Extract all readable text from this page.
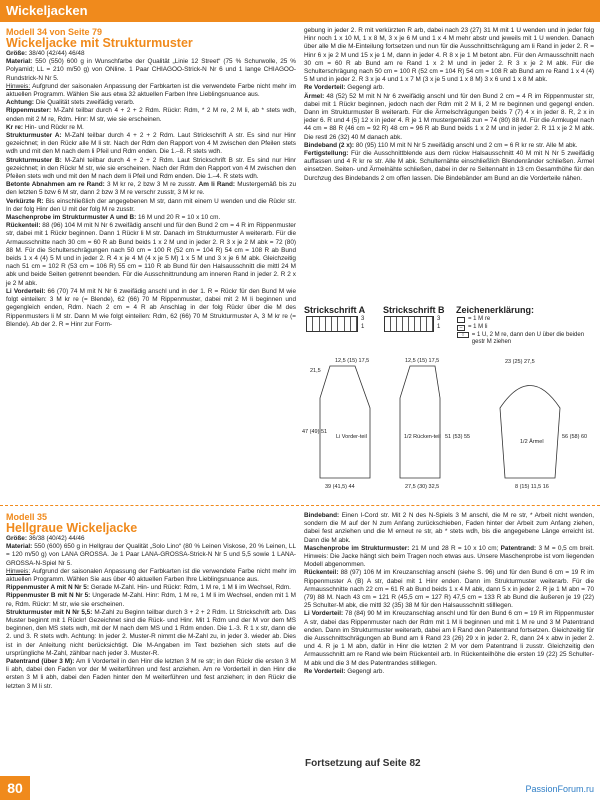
Wickeljacken
Modell 34 von Seite 79
Wickeljacke mit Strukturmuster

Größe: 38/40 (42/44) 46/48

Material: 550 (550) 600 g in Wunschfarbe der Qualität „Linie 12 Street“ (75 % Schurwolle, 25 % Polyamid; LL = 210 m/50 g) von ONline. 1 Paar CHIAGOO-Strick-N Nr 6 und 1 lange CHIAGOO-Rundstrick-N Nr 5.

Hinweis: Aufgrund der saisonalen Anpassung der Farbkarten ist die verwendete Farbe nicht mehr im aktuellen Programm. Wählen Sie aus etwa 32 aktuellen Farben Ihre Lieblingsnuance aus.

Achtung: Die Qualität stets zweifädig verarb.

Rippenmuster: M-Zahl teilbar durch 4 + 2 + 2 Rdm. Rückr: Rdm, * 2 M re, 2 M li, ab * stets wdh, enden mit 2 M re, Rdm. Hinr: M str, wie sie erscheinen.

Kr re: Hin- und Rückr re M.

Strukturmuster A: M-Zahl teilbar durch 4 + 2 + 2 Rdm. Laut Strickschrift A str. Es sind nur Hinr gezeichnet; in den Rückr alle M li str. Nach der Rdm den Rapport von 4 M zwischen den Pfeilen stets wdh und mit den M nach dem li Pfeil und Rdm enden. Die 1.–8. R stets wdh.

Strukturmuster B: M-Zahl teilbar durch 4 + 2 + 2 Rdm. Laut Strickschrift B str. Es sind nur Hinr gezeichnet; in den Rückr M str, wie sie erscheinen. Nach der Rdm den Rapport von 4 M zwischen den Pfeilen stets wdh und mit den M nach dem li Pfeil und Rdm enden. Die 1.–4. R stets wdh.

Betonte Abnahmen am re Rand: 3 M kr re, 2 bzw 3 M re zusstr. Am li Rand: Mustergemäß bis zu den letzten 5 bzw 6 M str, dann 2 bzw 3 M re verschr zusstr, 3 M kr re.

Verkürzte R: Bis einschließlich der angegebenen M str, dann mit einem U wenden und die Rückr str. In der folg Hinr den U mit der folg M re zusstr.

Maschenprobe im Strukturmuster A und B: 16 M und 20 R = 10 x 10 cm.

Rückenteil: 88 (96) 104 M mit N Nr 6 zweifädig anschl und für den Bund 2 cm = 4 R im Rippenmuster str, dabei mit 1 Rückr beginnen. Dann 1 Rückr li M str. Danach im Strukturmuster A weiterarb. Für die Armausschnitte nach 30 cm = 60 R ab Bund beids 1 x 2 M und in jeder 2. R 3 x je 2 M abk = 72 (80) 88 M. Für die Schulterschrägungen nach 50 cm = 100 R (52 cm = 104 R) 54 cm = 108 R ab Bund beids 1 x 4 (4) 5 M und in jeder 2. R 4 x je 4 M (4 x je 5 M) 1 x 5 M und 3 x je 6 M abk. Gleichzeitig nach 51 cm = 102 R (53 cm = 106 R) 55 cm = 110 R ab Bund für den Halsausschnitt die mittl 24 M abk und beide Seiten getrennt beenden. Für die Ausschnittrundung am inneren Rand in jeder 2. R 2 x je 2 M abk.

Li Vorderteil: 66 (70) 74 M mit N Nr 6 zweifädig anschl und in der 1. R = Rückr für den Bund M wie folgt einteilen: 3 M kr re (= Blende), 62 (66) 70 M Rippenmuster, dabei mit 2 M li beginnen und gegengleich enden, Rdm. Nach 2 cm = 4 R ab Anschlag in der folg Rückr über die M des Rippenmusters li M str. Dann M wie folgt einteilen: Rdm, 62 (66) 70 M Strukturmuster A, 3 M kr re (= Blende). Ab der 2. R = Hinr zur Form-

gebung in jeder 2. R mit verkürzten R arb, dabei nach 23 (27) 31 M mit 1 U wenden und in jeder folg Hinr noch 1 x 10 M, 1 x 8 M, 3 x je 6 M und 1 x 4 M mehr abstr und jeweils mit 1 U wenden. Danach über alle M die M-Einteilung fortsetzen und nun für die Ausschnittschrägung am li Rand in jeder 2. R = Hinr 6 x je 2 M und 15 x je 1 M, dann in jeder 4. R 8 x je 1 M betont abn. Für den Armausschnitt nach 30 cm = 60 R ab Bund am re Rand 1 x 2 M und in jeder 2. R 3 x je 2 M abk. Für die Schulterschrägung nach 50 cm = 100 R (52 cm = 104 R) 54 cm = 108 R ab Bund am re Rand 1 x 4 (4) 5 M und in jeder 2. R 3 x je 4 und 1 x 7 M (3 x je 5 und 1 x 8 M) 3 x 6 und 1 x 8 M abk.

Re Vorderteil: Gegengl arb.

Ärmel: 48 (52) 52 M mit N Nr 6 zweifädig anschl und für den Bund 2 cm = 4 R im Rippenmuster str, dabei mit 1 Rückr beginnen, jedoch nach der Rdm mit 2 M li, 2 M re beginnen und gegengl enden. Dann im Strukturmuster B weiterarb. Für die Ärmelschrägungen beids 7 (7) 4 x in jeder 8. R, 2 x in jeder 6. R und 4 (5) 12 x in jeder 4. R je 1 M mustergemäß zun = 74 (80) 88 M. Für die Armkugel nach 44 cm = 88 R (46 cm = 92 R) 48 cm = 96 R ab Bund beids 1 x 2 M und in jeder 2. R 11 x je 2 M abk. Die restl 26 (32) 40 M danach abk.

Bindeband (2 x): 80 (95) 110 M mit N Nr 5 zweifädig anschl und 2 cm = 6 R kr re str. Alle M abk.

Fertigstellung: Für die Ausschnittblende aus dem rückw Halsausschnitt 40 M mit N Nr 5 zweifädig auffassen und 4 R kr re str. Alle M abk. Schulternähte einschließlich Blendenränder schließen. Ärmel einsetzen. Seiten- und Ärmelnähte schließen, dabei in der re Seitennaht in 13 cm Gesamthöhe für den Durchzug des Bindebands 2 cm offen lassen. Die Bindebänder am Bund an die Vorderteile nähen.

Strickschrift A Strickschrift B Zeichenerklärung:
3
1
3
1
= 1 M re
– = 1 M li
○	= 1 U, 2 M re, dann den U über die beiden gestr M ziehen
Li Vorder-teil	1/2 Rücken-teil
1/2 Ärmel
21,5
12,5 (15) 17,5
47 (49) 51
39 (41,5) 44
12,5 (15) 17,5
51 (53) 55
27,5 (30) 32,5
23 (25) 27,5
56 (58) 60
8 (15) 11,5 16
Modell 35
Hellgraue Wickeljacke

Größe: 36/38 (40/42) 44/46

Material: 550 (600) 650 g in Hellgrau der Qualität „Solo Lino“ (80 % Leinen Viskose, 20 % Leinen, LL = 120 m/50 g) von LANA GROSSA. Je 1 Paar LANA-GROSSA-Strick-N Nr 5 und 5,5 sowie 1 LANA-GROSSA-N-Spiel Nr 5.

Hinweis: Aufgrund der saisonalen Anpassung der Farbkarten ist die verwendete Farbe nicht mehr im aktuellen Programm. Wählen Sie aus über 40 aktuellen Farben Ihre Lieblingsnuance aus.

Rippenmuster A mit N Nr 5: Gerade M-Zahl. Hin- und Rückr: Rdm, 1 M re, 1 M li im Wechsel, Rdm.

Rippenmuster B mit N Nr 5: Ungerade M-Zahl. Hinr: Rdm, 1 M re, 1 M li im Wechsel, enden mit 1 M re, Rdm. Rückr: M str, wie sie erscheinen.

Strukturmuster mit N Nr 5,5: M-Zahl zu Beginn teilbar durch 3 + 2 + 2 Rdm. Lt Strickschrift arb. Das Muster beginnt mit 1 Rückr! Gezeichnet sind die Rück- und Hinr. Mit 1 Rdm und der M vor dem MS beginnen, den MS stets wdh, mit der M nach dem MS und 1 Rdm enden. Die 1.-3. R 1 x str, dann die 2. und 3. R stets wdh. Achtung: In jeder 2. Muster-R nimmt die M-Zahl zu, in jeder 3. wieder ab. Dies ist in der Anleitung nicht berücksichtigt. Die M-Angaben im Text beziehen sich stets auf die ursprüngliche M-Zahl, zählbar nach jeder 3. Muster-R.

Patentrand (über 3 M): Am li Vorderteil in den Hinr die letzten 3 M re str; in den Rückr die ersten 3 M li abh, dabei den Faden vor der M weiterführen und fest anziehen. Am re Vorderteil in den Hinr die ersten 3 M li abh, dabei den Faden hinter den M weiterführen und fest anziehen; in den Rückr die letzten 3 M li str.

Bindeband: Einen I-Cord str. Mit 2 N des N-Spiels 3 M anschl, die M re str, * Arbeit nicht wenden, sondern die M auf der N zum Anfang zurückschieben, Faden hinter der Arbeit zum Anfang ziehen, dabei fest anziehen und die M erneut re str, ab * stets wdh, bis die angegebene Länge erreicht ist. Dann die M abk.

Maschenprobe im Strukturmuster: 21 M und 28 R = 10 x 10 cm; Patentrand: 3 M = 0,5 cm breit. Hinweis: Die Jacke hängt sich beim Tragen noch etwas aus. Unsere Maschenprobe ist vom liegenden Modell abgenommen.

Rückenteil: 88 (97) 106 M im Kreuzanschlag anschl (siehe S. 96) und für den Bund 6 cm = 19 R im Rippenmuster A (B) A str, dabei mit 1 Hinr enden. Dann im Strukturmuster weiterarb. Für die Armausschnitte nach 22 cm = 61 R ab Bund beids 1 x 4 M abk, dann 5 x in jeder 2. R je 1 M abn = 70 (79) 88 M. Nach 43 cm = 121 R (45,5 cm = 127 R) 47,5 cm = 133 R ab Bund die äußeren je 19 (22) 25 Schulter-M abk, die mittl 32 (35) 38 M für den Halsausschnitt stilllegen.

Li Vorderteil: 78 (84) 90 M im Kreuzanschlag anschl und für den Bund 6 cm = 19 R im Rippenmuster A str, dabei das Rippenmuster nach der Rdm mit 1 M li beginnen und mit 1 M re und 3 M Patentrand enden. Dann im Strukturmuster weiterarb, dabei am li Rand den Patentrand fortsetzen. Gleichzeitig für die Ausschnittschrägungen ab Bund am li Rand 23 (26) 29 x in jeder 2. R, dann 24 x abw in jeder 2. und 4. R je 1 M abn, dafür in Hinr die letzten 2 M vor dem Patentrand li zusstr. Gleichzeitig den Armausschnitt am re Rand wie beim Rückenteil arb. In Rückenteilhöhe die ersten 19 (22) 25 Schulter-M abk und die 3 M des Patentrandes stilllegen.

Re Vorderteil: Gegengl arb.

Fortsetzung auf Seite 82
80	PassionForum.ru
